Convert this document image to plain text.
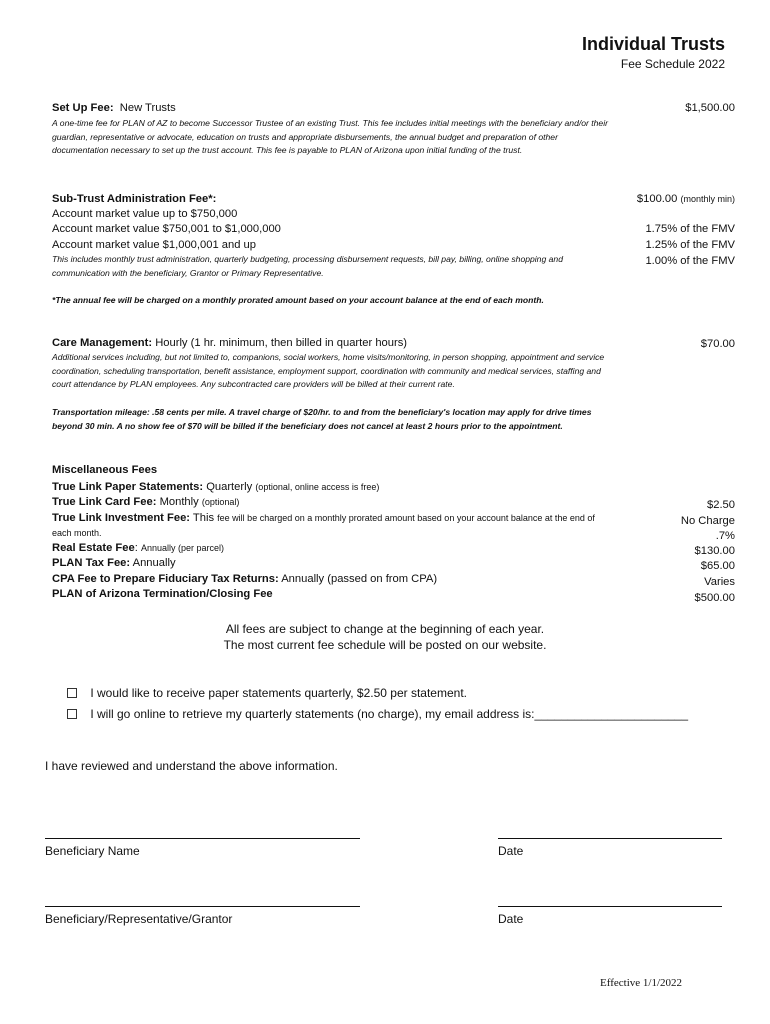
Individual Trusts
Fee Schedule 2022
Set Up Fee: New Trusts
A one-time fee for PLAN of AZ to become Successor Trustee of an existing Trust. This fee includes initial meetings with the beneficiary and/or their guardian, representative or advocate, education on trusts and appropriate disbursements, the annual budget and preparation of other documentation necessary to set up the trust account. This fee is payable to PLAN of Arizona upon initial funding of the trust.
$1,500.00
Sub-Trust Administration Fee*:
Account market value up to $750,000
Account market value $750,001 to $1,000,000
Account market value $1,000,001 and up
This includes monthly trust administration, quarterly budgeting, processing disbursement requests, bill pay, billing, online shopping and communication with the beneficiary, Grantor or Primary Representative.
$100.00 (monthly min)
1.75% of the FMV
1.25% of the FMV
1.00% of the FMV
*The annual fee will be charged on a monthly prorated amount based on your account balance at the end of each month.
Care Management: Hourly (1 hr. minimum, then billed in quarter hours)
Additional services including, but not limited to, companions, social workers, home visits/monitoring, in person shopping, appointment and service coordination, scheduling transportation, benefit assistance, employment support, coordination with community and medical services, staffing and court attendance by PLAN employees. Any subcontracted care providers will be billed at their current rate.
Transportation mileage: .58 cents per mile. A travel charge of $20/hr. to and from the beneficiary's location may apply for drive times beyond 30 min. A no show fee of $70 will be billed if the beneficiary does not cancel at least 2 hours prior to the appointment.
$70.00
Miscellaneous Fees
True Link Paper Statements: Quarterly (optional, online access is free)
True Link Card Fee: Monthly (optional)
True Link Investment Fee: This fee will be charged on a monthly prorated amount based on your account balance at the end of each month.
Real Estate Fee: Annually (per parcel)
PLAN Tax Fee: Annually
CPA Fee to Prepare Fiduciary Tax Returns: Annually (passed on from CPA)
PLAN of Arizona Termination/Closing Fee
$2.50
No Charge
.7%
$130.00
$65.00
Varies
$500.00
All fees are subject to change at the beginning of each year.
The most current fee schedule will be posted on our website.
I would like to receive paper statements quarterly, $2.50 per statement.
I will go online to retrieve my quarterly statements (no charge), my email address is:_______________________
I have reviewed and understand the above information.
Beneficiary Name	Date
Beneficiary/Representative/Grantor	Date
Effective 1/1/2022
